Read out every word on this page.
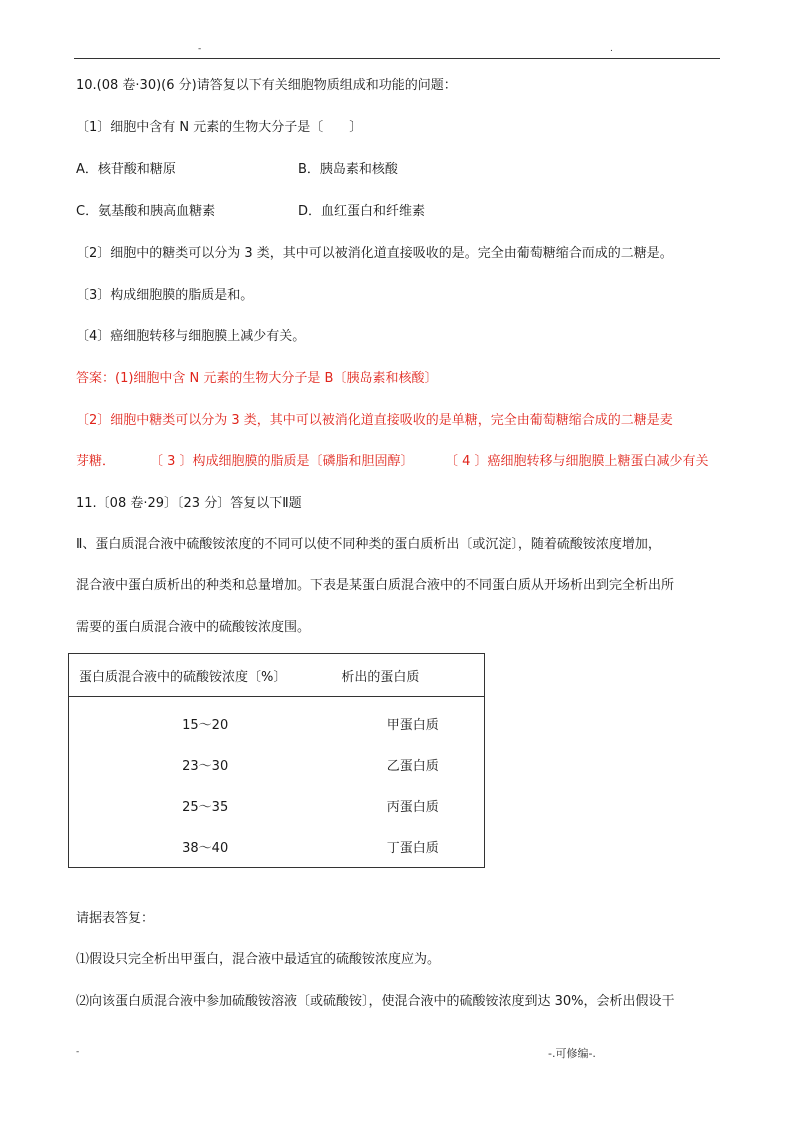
-	.
10.(08 卷·30)(6 分)请答复以下有关细胞物质组成和功能的问题：
〔1〕细胞中含有 N 元素的生物大分子是〔　　〕
A．核苷酸和糖原	B．胰岛素和核酸
C．氨基酸和胰高血糖素	D．血红蛋白和纤维素
〔2〕细胞中的糖类可以分为 3 类，其中可以被消化道直接吸收的是。完全由葡萄糖缩合而成的二糖是。
〔3〕构成细胞膜的脂质是和。
〔4〕癌细胞转移与细胞膜上减少有关。
答案：(1)细胞中含 N 元素的生物大分子是 B〔胰岛素和核酸〕
〔2〕细胞中糖类可以分为 3 类，其中可以被消化道直接吸收的是单糖，完全由葡萄糖缩合成的二糖是麦
芽糖．	〔 3 〕构成细胞膜的脂质是〔磷脂和胆固醇〕 〔 4 〕癌细胞转移与细胞膜上糖蛋白减少有关
11.〔08 卷·29〕〔23 分〕答复以下Ⅱ题
Ⅱ、蛋白质混合液中硫酸铵浓度的不同可以使不同种类的蛋白质析出〔或沉淀〕，随着硫酸铵浓度增加，
混合液中蛋白质析出的种类和总量增加。下表是某蛋白质混合液中的不同蛋白质从开场析出到完全析出所
需要的蛋白质混合液中的硫酸铵浓度围。
蛋白质混合液中的硫酸铵浓度〔%〕	析出的蛋白质
15～20	甲蛋白质
23～30	乙蛋白质
25～35	丙蛋白质
38～40	丁蛋白质
请据表答复：
⑴假设只完全析出甲蛋白，混合液中最适宜的硫酸铵浓度应为。
⑵向该蛋白质混合液中参加硫酸铵溶液〔或硫酸铵〕，使混合液中的硫酸铵浓度到达 30%，会析出假设干
-	-.可修编-.
